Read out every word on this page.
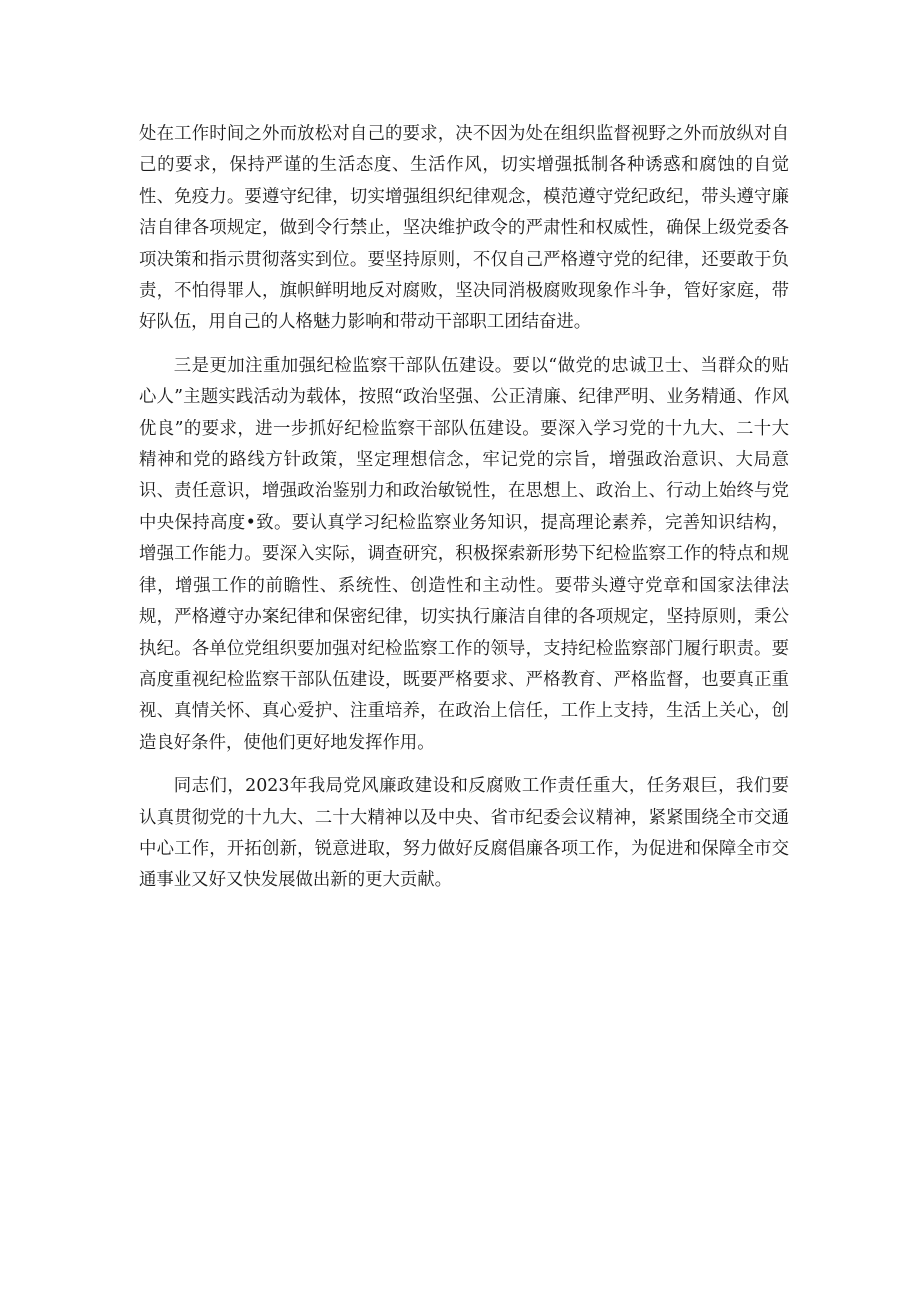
处在工作时间之外而放松对自己的要求，决不因为处在组织监督视野之外而放纵对自己的要求，保持严谨的生活态度、生活作风，切实增强抵制各种诱惑和腐蚀的自觉性、免疫力。要遵守纪律，切实增强组织纪律观念，模范遵守党纪政纪，带头遵守廉洁自律各项规定，做到令行禁止，坚决维护政令的严肃性和权威性，确保上级党委各项决策和指示贯彻落实到位。要坚持原则，不仅自己严格遵守党的纪律，还要敢于负责，不怕得罪人，旗帜鲜明地反对腐败，坚决同消极腐败现象作斗争，管好家庭，带好队伍，用自己的人格魅力影响和带动干部职工团结奋进。

三是更加注重加强纪检监察干部队伍建设。要以“做党的忠诚卫士、当群众的贴心人”主题实践活动为载体，按照“政治坚强、公正清廉、纪律严明、业务精通、作风优良”的要求，进一步抓好纪检监察干部队伍建设。要深入学习党的十九大、二十大精神和党的路线方针政策，坚定理想信念，牢记党的宗旨，增强政治意识、大局意识、责任意识，增强政治鉴别力和政治敏锐性，在思想上、政治上、行动上始终与党中央保持高度•致。要认真学习纪检监察业务知识，提高理论素养，完善知识结构，增强工作能力。要深入实际，调查研究，积极探索新形势下纪检监察工作的特点和规律，增强工作的前瞻性、系统性、创造性和主动性。要带头遵守党章和国家法律法规，严格遵守办案纪律和保密纪律，切实执行廉洁自律的各项规定，坚持原则，秉公执纪。各单位党组织要加强对纪检监察工作的领导，支持纪检监察部门履行职责。要高度重视纪检监察干部队伍建设，既要严格要求、严格教育、严格监督，也要真正重视、真情关怀、真心爱护、注重培养，在政治上信任，工作上支持，生活上关心，创造良好条件，使他们更好地发挥作用。

同志们，2023年我局党风廉政建设和反腐败工作责任重大，任务艰巨，我们要认真贯彻党的十九大、二十大精神以及中央、省市纪委会议精神，紧紧围绕全市交通中心工作，开拓创新，锐意进取，努力做好反腐倡廉各项工作，为促进和保障全市交通事业又好又快发展做出新的更大贡献。
